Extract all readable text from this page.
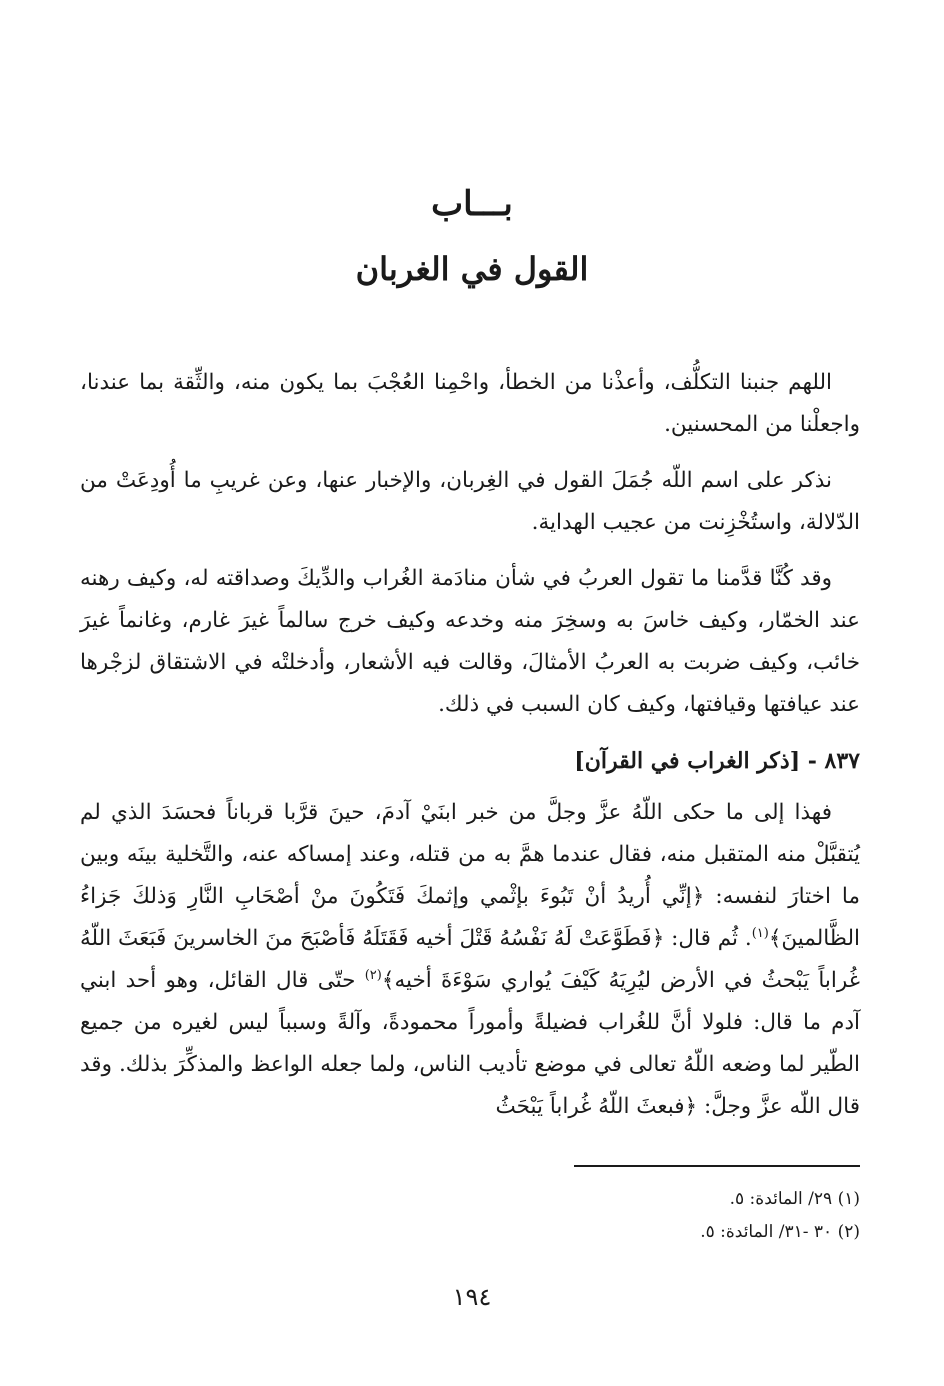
بـــاب
القول في الغربان

اللهم جنبنا التكلُّف، وأعذْنا من الخطأ، واحْمِنا العُجْبَ بما يكون منه، والثِّقة بما عندنا، واجعلْنا من المحسنين.

نذكر على اسم اللّه جُمَلَ القول في الغِربان، والإخبار عنها، وعن غريبِ ما أُودِعَتْ من الدّلالة، واستُخْزِنت من عجيب الهداية.

وقد كُنَّا قدَّمنا ما تقول العربُ في شأن منادَمة الغُراب والدِّيكَ وصداقته له، وكيف رهنه عند الخمّار، وكيف خاسَ به وسخِرَ منه وخدعه وكيف خرج سالماً غيرَ غارم، وغانماً غيرَ خائب، وكيف ضربت به العربُ الأمثالَ، وقالت فيه الأشعار، وأدخلتْه في الاشتقاق لزجْرها عند عيافتها وقيافتها، وكيف كان السبب في ذلك.

٨٣٧ - [ذكر الغراب في القرآن]

فهذا إلى ما حكى اللّهُ عزَّ وجلَّ من خبر ابنَيْ آدمَ، حينَ قرَّبا قرباناً فحسَدَ الذي لم يُتقبَّلْ منه المتقبل منه، فقال عندما همَّ به من قتله، وعند إمساكه عنه، والتَّخلية بينَه وبين ما اختارَ لنفسه: ﴿إنِّي أُريدُ أنْ تَبُوءَ بإثْمي وإثمكَ فَتَكُونَ منْ أصْحَابِ النَّارِ وَذلكَ جَزاءُ الظَّالمينَ﴾$^{(١)}$. ثُم قال: ﴿فَطَوَّعَتْ لَهُ نَفْسُهُ قَتْلَ أخيه فَقَتَلَهُ فَأصْبَحَ منَ الخاسرينَ فَبَعَثَ اللّهُ غُراباً يَبْحثُ في الأرض ليُرِيَهُ كَيْفَ يُواري سَوْءَةَ أخيه﴾$^{(٢)}$ حتّى قال القائل، وهو أحد ابني آدم ما قال: فلولا أنَّ للغُراب فضيلةً وأموراً محمودةً، وآلةً وسبباً ليس لغيره من جميع الطّير لما وضعه اللّهُ تعالى في موضع تأديب الناس، ولما جعله الواعظ والمذكِّرَ بذلك. وقد قال اللّه عزَّ وجلَّ: ﴿فبعثَ اللّهُ غُراباً يَبْحَثُ

(١) ٢٩/ المائدة: ٥.
(٢) ٣٠ -٣١/ المائدة: ٥.
١٩٤
